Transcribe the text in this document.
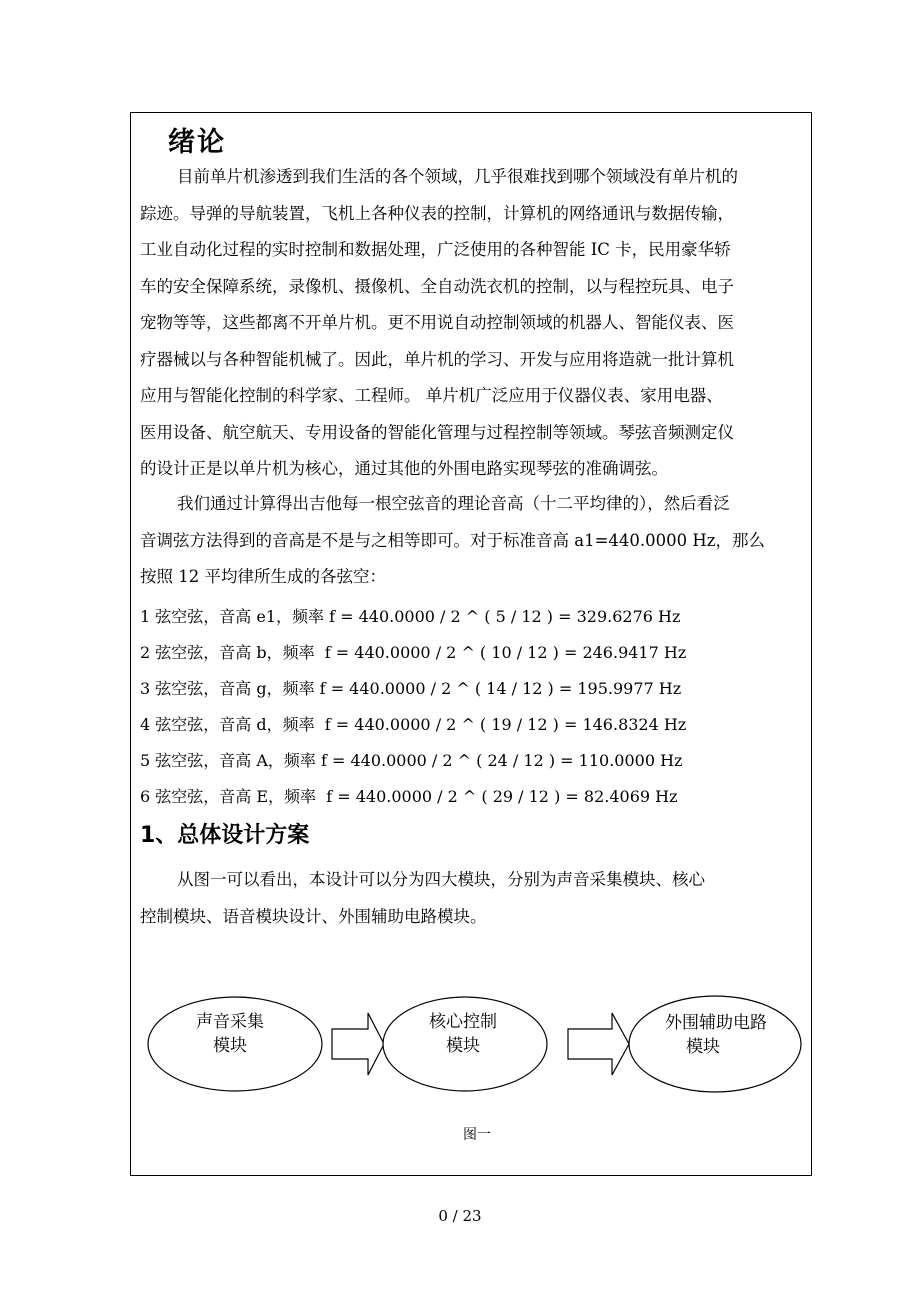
绪论
目前单片机渗透到我们生活的各个领域，几乎很难找到哪个领域没有单片机的
踪迹。导弹的导航装置，飞机上各种仪表的控制，计算机的网络通讯与数据传输，
工业自动化过程的实时控制和数据处理，广泛使用的各种智能 IC 卡，民用豪华轿
车的安全保障系统，录像机、摄像机、全自动洗衣机的控制，以与程控玩具、电子
宠物等等，这些都离不开单片机。更不用说自动控制领域的机器人、智能仪表、医
疗器械以与各种智能机械了。因此，单片机的学习、开发与应用将造就一批计算机
应用与智能化控制的科学家、工程师。 单片机广泛应用于仪器仪表、家用电器、
医用设备、航空航天、专用设备的智能化管理与过程控制等领域。琴弦音频测定仪
的设计正是以单片机为核心，通过其他的外围电路实现琴弦的准确调弦。
我们通过计算得出吉他每一根空弦音的理论音高（十二平均律的），然后看泛
音调弦方法得到的音高是不是与之相等即可。对于标准音高 a1=440.0000 Hz，那么
按照 12 平均律所生成的各弦空：
1 弦空弦，音高 e1，频率 f = 440.0000 / 2 ^ ( 5 / 12 ) = 329.6276 Hz
2 弦空弦，音高 b，频率  f = 440.0000 / 2 ^ ( 10 / 12 ) = 246.9417 Hz
3 弦空弦，音高 g，频率 f = 440.0000 / 2 ^ ( 14 / 12 ) = 195.9977 Hz
4 弦空弦，音高 d，频率  f = 440.0000 / 2 ^ ( 19 / 12 ) = 146.8324 Hz
5 弦空弦，音高 A，频率 f = 440.0000 / 2 ^ ( 24 / 12 ) = 110.0000 Hz
6 弦空弦，音高 E，频率  f = 440.0000 / 2 ^ ( 29 / 12 ) = 82.4069 Hz
1、总体设计方案
从图一可以看出，本设计可以分为四大模块，分别为声音采集模块、核心
控制模块、语音模块设计、外围辅助电路模块。
声音采集
模块
核心控制
模块
外围辅助电路
模块
图一
0 / 23
